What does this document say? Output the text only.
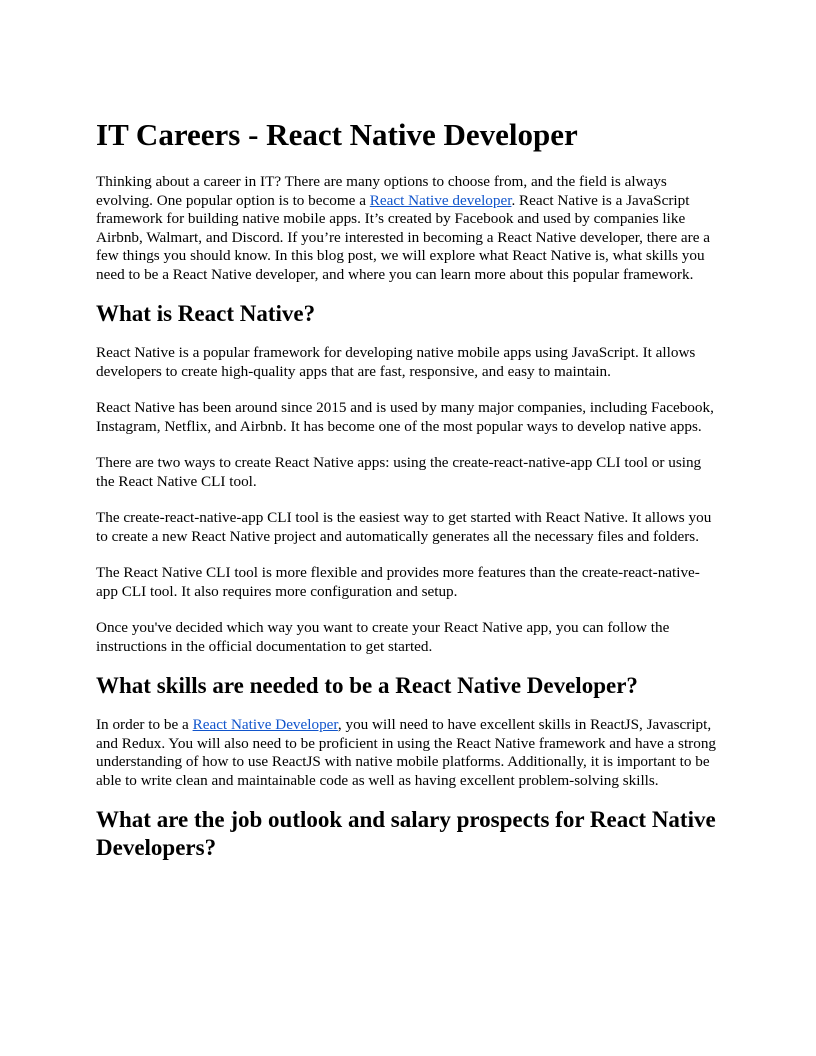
IT Careers - React Native Developer

Thinking about a career in IT? There are many options to choose from, and the field is always evolving. One popular option is to become a React Native developer. React Native is a JavaScript framework for building native mobile apps. It’s created by Facebook and used by companies like Airbnb, Walmart, and Discord. If you’re interested in becoming a React Native developer, there are a few things you should know. In this blog post, we will explore what React Native is, what skills you need to be a React Native developer, and where you can learn more about this popular framework.

What is React Native?

React Native is a popular framework for developing native mobile apps using JavaScript. It allows developers to create high-quality apps that are fast, responsive, and easy to maintain.

React Native has been around since 2015 and is used by many major companies, including Facebook, Instagram, Netflix, and Airbnb. It has become one of the most popular ways to develop native apps.

There are two ways to create React Native apps: using the create-react-native-app CLI tool or using the React Native CLI tool.

The create-react-native-app CLI tool is the easiest way to get started with React Native. It allows you to create a new React Native project and automatically generates all the necessary files and folders.

The React Native CLI tool is more flexible and provides more features than the create-react-native-app CLI tool. It also requires more configuration and setup.

Once you've decided which way you want to create your React Native app, you can follow the instructions in the official documentation to get started.

What skills are needed to be a React Native Developer?

In order to be a React Native Developer, you will need to have excellent skills in ReactJS, Javascript, and Redux. You will also need to be proficient in using the React Native framework and have a strong understanding of how to use ReactJS with native mobile platforms. Additionally, it is important to be able to write clean and maintainable code as well as having excellent problem-solving skills.

What are the job outlook and salary prospects for React Native Developers?
